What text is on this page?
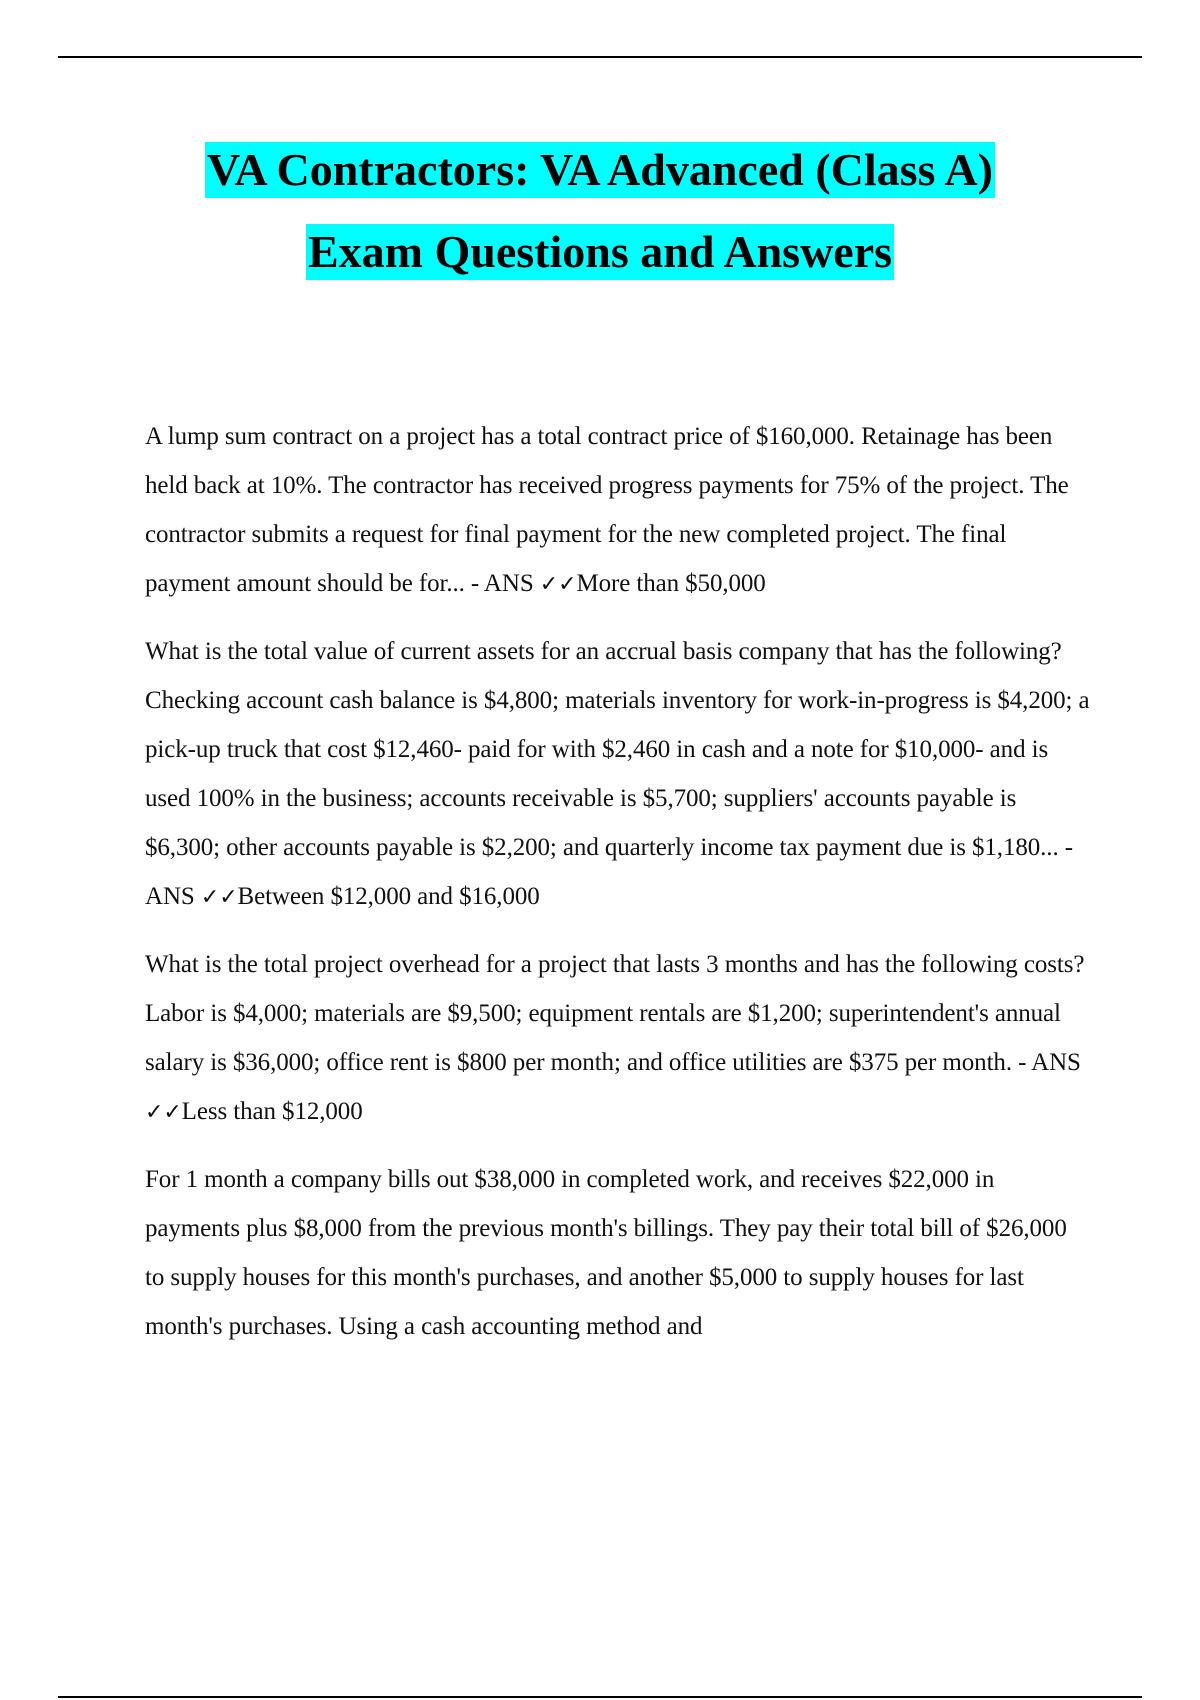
VA Contractors: VA Advanced (Class A)
Exam Questions and Answers

A lump sum contract on a project has a total contract price of $160,000. Retainage has been held back at 10%. The contractor has received progress payments for 75% of the project. The contractor submits a request for final payment for the new completed project. The final payment amount should be for... - ANS ✓✓More than $50,000

What is the total value of current assets for an accrual basis company that has the following? Checking account cash balance is $4,800; materials inventory for work-in-progress is $4,200; a pick-up truck that cost $12,460- paid for with $2,460 in cash and a note for $10,000- and is used 100% in the business; accounts receivable is $5,700; suppliers' accounts payable is $6,300; other accounts payable is $2,200; and quarterly income tax payment due is $1,180... - ANS ✓✓Between $12,000 and $16,000

What is the total project overhead for a project that lasts 3 months and has the following costs? Labor is $4,000; materials are $9,500; equipment rentals are $1,200; superintendent's annual salary is $36,000; office rent is $800 per month; and office utilities are $375 per month. - ANS ✓✓Less than $12,000

For 1 month a company bills out $38,000 in completed work, and receives $22,000 in payments plus $8,000 from the previous month's billings. They pay their total bill of $26,000 to supply houses for this month's purchases, and another $5,000 to supply houses for last month's purchases. Using a cash accounting method and
